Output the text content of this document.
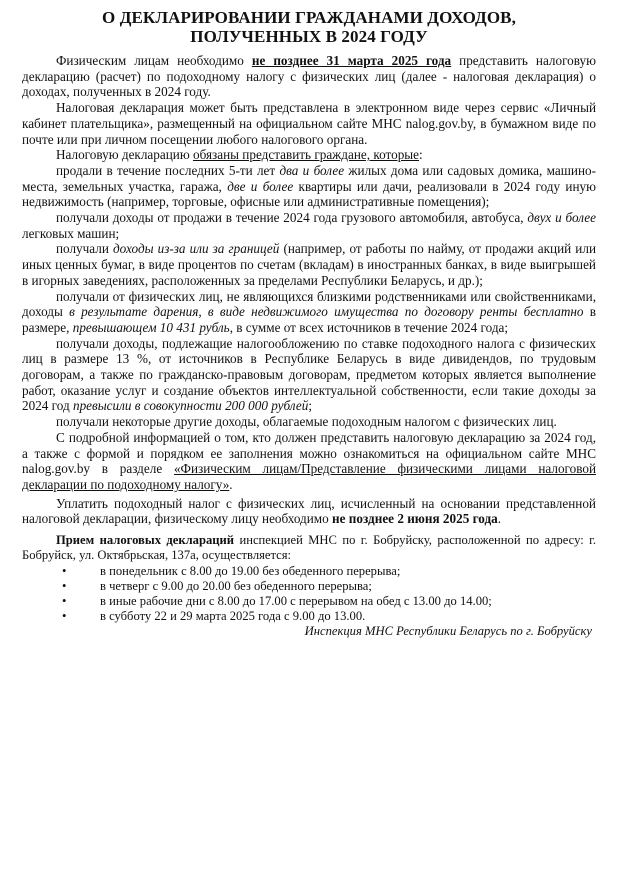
О ДЕКЛАРИРОВАНИИ ГРАЖДАНАМИ ДОХОДОВ,
ПОЛУЧЕННЫХ В 2024 ГОДУ

Физическим лицам необходимо не позднее 31 марта 2025 года представить налоговую декларацию (расчет) по подоходному налогу с физических лиц (далее - налоговая декларация) о доходах, полученных в 2024 году.

Налоговая декларация может быть представлена в электронном виде через сервис «Личный кабинет плательщика», размещенный на официальном сайте МНС nalog.gov.by, в бумажном виде по почте или при личном посещении любого налогового органа.

Налоговую декларацию обязаны представить граждане, которые:

продали в течение последних 5-ти лет два и более жилых дома или садовых домика, машино-места, земельных участка, гаража, две и более квартиры или дачи, реализовали в 2024 году иную недвижимость (например, торговые, офисные или административные помещения);

получали доходы от продажи в течение 2024 года грузового автомобиля, автобуса, двух и более легковых машин;

получали доходы из-за или за границей (например, от работы по найму, от продажи акций или иных ценных бумаг, в виде процентов по счетам (вкладам) в иностранных банках, в виде выигрышей в игорных заведениях, расположенных за пределами Республики Беларусь, и др.);

получали от физических лиц, не являющихся близкими родственниками или свойственниками, доходы в результате дарения, в виде недвижимого имущества по договору ренты бесплатно в размере, превышающем 10 431 рубль, в сумме от всех источников в течение 2024 года;

получали доходы, подлежащие налогообложению по ставке подоходного налога с физических лиц в размере 13 %, от источников в Республике Беларусь в виде дивидендов, по трудовым договорам, а также по гражданско-правовым договорам, предметом которых является выполнение работ, оказание услуг и создание объектов интеллектуальной собственности, если такие доходы за 2024 год превысили в совокупности 200 000 рублей;

получали некоторые другие доходы, облагаемые подоходным налогом с физических лиц.

С подробной информацией о том, кто должен представить налоговую декларацию за 2024 год, а также с формой и порядком ее заполнения можно ознакомиться на официальном сайте МНС nalog.gov.by в разделе «Физическим лицам/Представление физическими лицами налоговой декларации по подоходному налогу».

Уплатить подоходный налог с физических лиц, исчисленный на основании представленной налоговой декларации, физическому лицу необходимо не позднее 2 июня 2025 года.

Прием налоговых деклараций инспекцией МНС по г. Бобруйску, расположенной по адресу: г. Бобруйск, ул. Октябрьская, 137а, осуществляется:

•	в понедельник с 8.00 до 19.00 без обеденного перерыва;
•	в четверг с 9.00 до 20.00 без обеденного перерыва;
•	в иные рабочие дни с 8.00 до 17.00 с перерывом на обед с 13.00 до 14.00;
•	в субботу 22 и 29 марта 2025 года с 9.00 до 13.00.

Инспекция МНС Республики Беларусь по г. Бобруйску
